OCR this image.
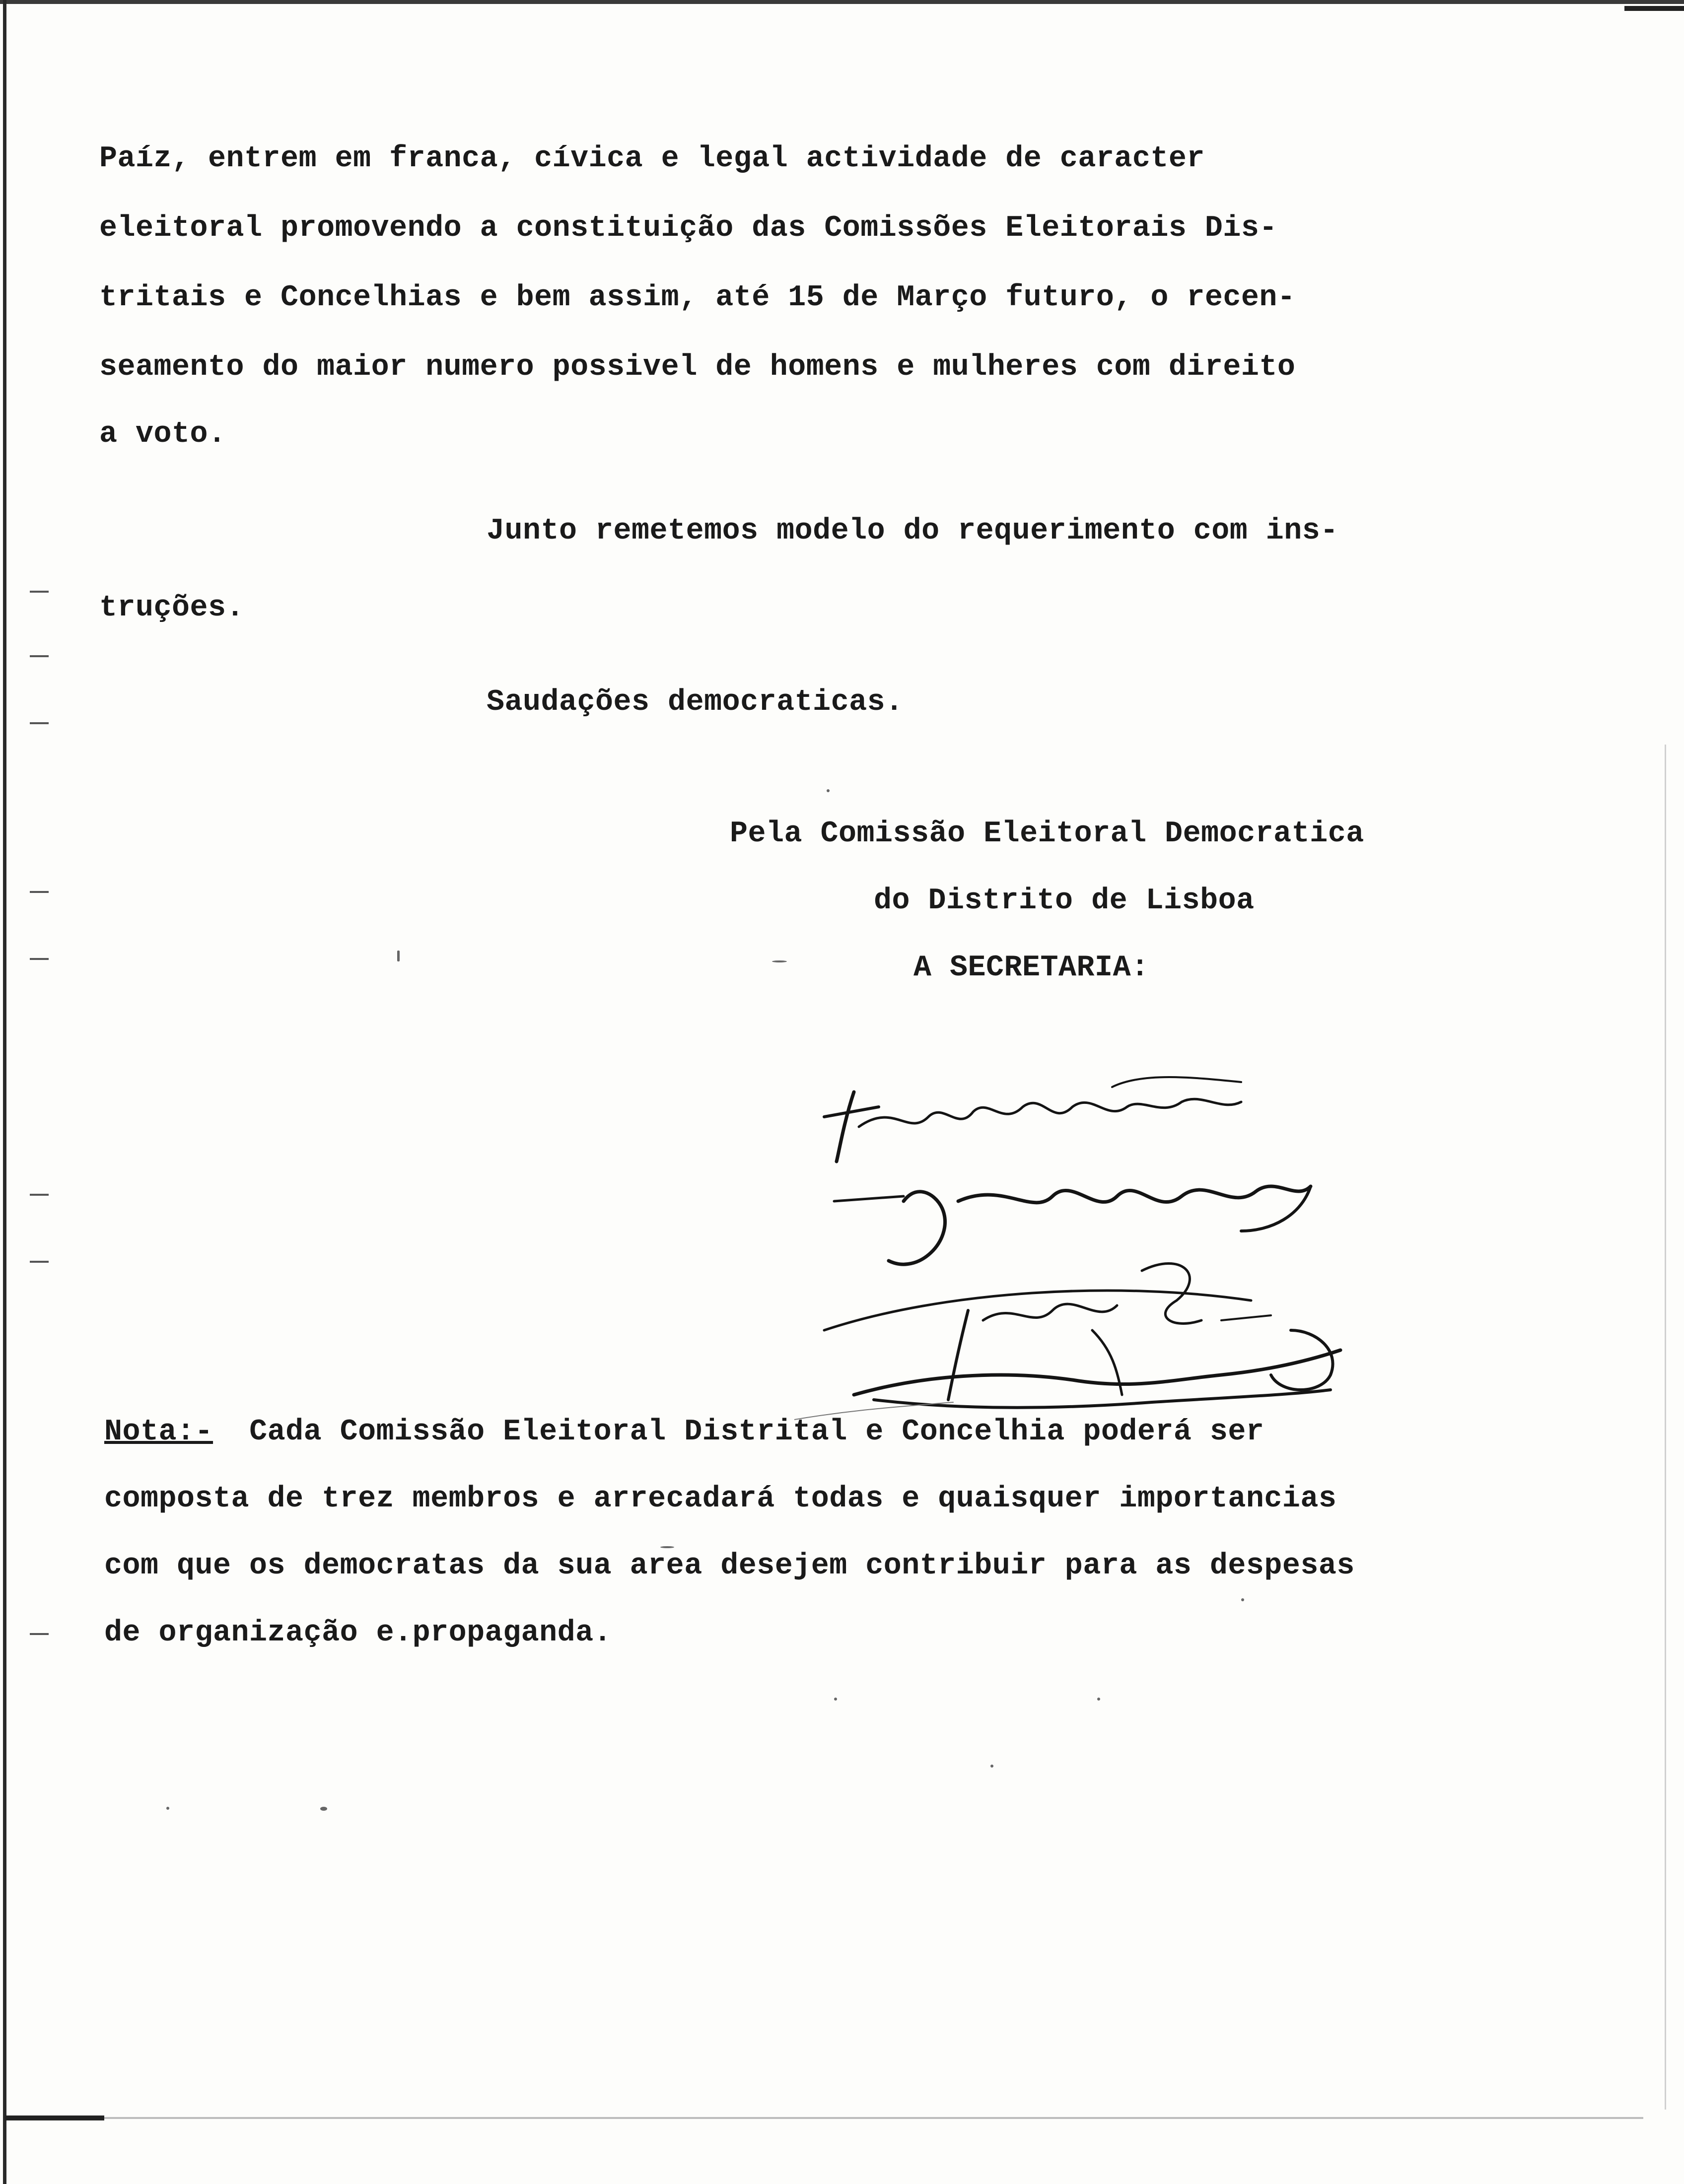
Paíz, entrem em franca, cívica e legal actividade de caracter
eleitoral promovendo a constituição das Comissões Eleitorais Dis-
tritais e Concelhias e bem assim, até 15 de Março futuro, o recen-
seamento do maior numero possivel de homens e mulheres com direito
a voto.
Junto remetemos modelo do requerimento com ins-
truções.
Saudações democraticas.
Pela Comissão Eleitoral Democratica
do Distrito de Lisboa
A SECRETARIA:
Nota:- Cada Comissão Eleitoral Distrital e Concelhia poderá ser
composta de trez membros e arrecadará todas e quaisquer importancias
com que os democratas da sua area desejem contribuir para as despesas
de organização e.propaganda.
